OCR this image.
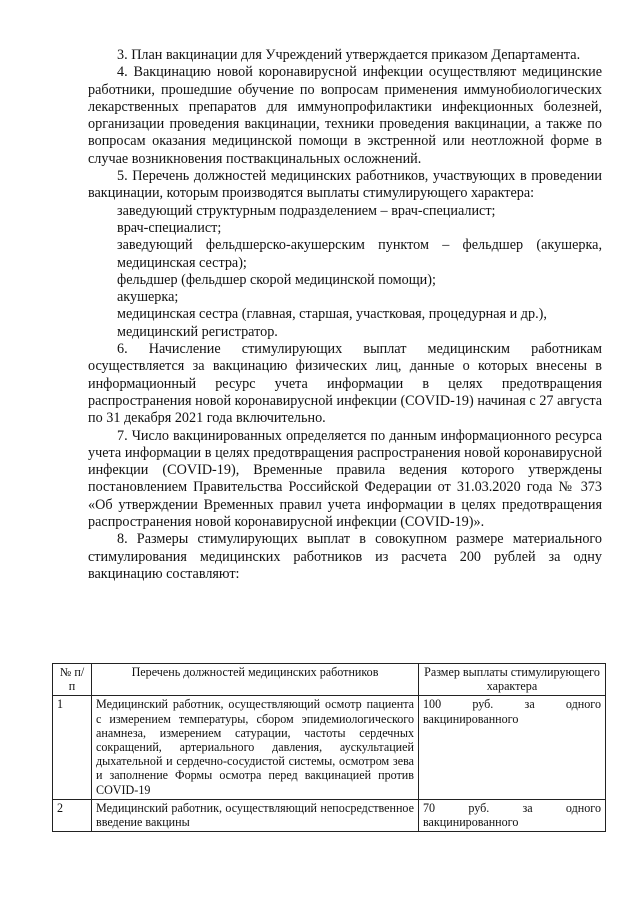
3. План вакцинации для Учреждений утверждается приказом Департамента.

4. Вакцинацию новой коронавирусной инфекции осуществляют медицинские работники, прошедшие обучение по вопросам применения иммунобиологических лекарственных препаратов для иммунопрофилактики инфекционных болезней, организации проведения вакцинации, техники проведения вакцинации, а также по вопросам оказания медицинской помощи в экстренной или неотложной форме в случае возникновения поствакцинальных осложнений.

5. Перечень должностей медицинских работников, участвующих в проведении вакцинации, которым производятся выплаты стимулирующего характера:

заведующий структурным подразделением – врач-специалист;

врач-специалист;

заведующий фельдшерско-акушерским пунктом – фельдшер (акушерка, медицинская сестра);

фельдшер (фельдшер скорой медицинской помощи);

акушерка;

медицинская сестра (главная, старшая, участковая, процедурная и др.),

медицинский регистратор.

6. Начисление стимулирующих выплат медицинским работникам осуществляется за вакцинацию физических лиц, данные о которых внесены в информационный ресурс учета информации в целях предотвращения распространения новой коронавирусной инфекции (COVID-19) начиная с 27 августа по 31 декабря 2021 года включительно.

7. Число вакцинированных определяется по данным информационного ресурса учета информации в целях предотвращения распространения новой коронавирусной инфекции (COVID-19), Временные правила ведения которого утверждены постановлением Правительства Российской Федерации от 31.03.2020 года № 373 «Об утверждении Временных правил учета информации в целях предотвращения распространения новой коронавирусной инфекции (COVID-19)».

8. Размеры стимулирующих выплат в совокупном размере материального стимулирования медицинских работников из расчета 200 рублей за одну вакцинацию составляют:

№ п/п	Перечень должностей медицинских работников	Размер выплаты стимулирующего характера
1	Медицинский работник, осуществляющий осмотр пациента с измерением температуры, сбором эпидемиологического анамнеза, измерением сатурации, частоты сердечных сокращений, артериального давления, аускультацией дыхательной и сердечно-сосудистой системы, осмотром зева и заполнение Формы осмотра перед вакцинацией против COVID-19	100 руб. за одного вакцинированного
2	Медицинский работник, осуществляющий непосредственное введение вакцины	70 руб. за одного вакцинированного
